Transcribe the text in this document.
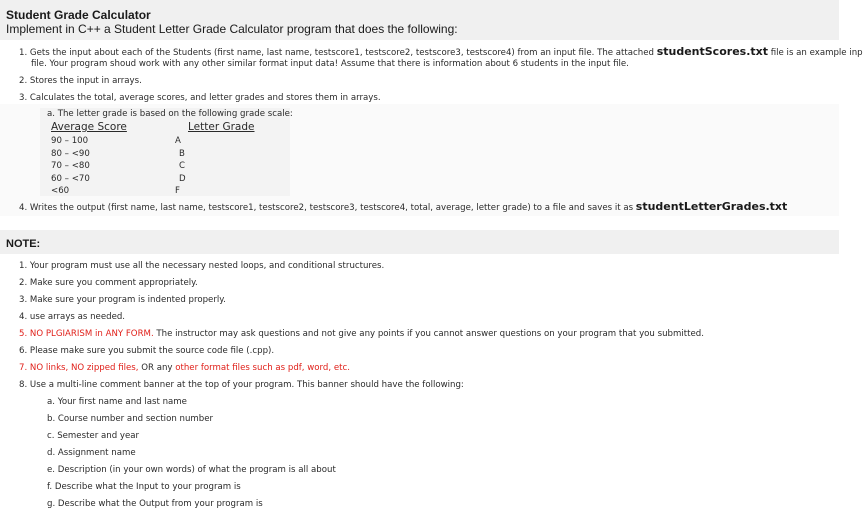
Student Grade Calculator
Implement in C++ a Student Letter Grade Calculator program that does the following:
1. Gets the input about each of the Students (first name, last name, testscore1, testscore2, testscore3, testscore4) from an input file. The attached studentScores.txt file is an example inp
file. Your program shoud work with any other similar format input data! Assume that there is information about 6 students in the input file.
2. Stores the input in arrays.
3. Calculates the total, average scores, and letter grades and stores them in arrays.
a. The letter grade is based on the following grade scale:
Average Score	Letter Grade
90 – 100	A
80 – <90	B
70 – <80	C
60 – <70	D
<60	F
4. Writes the output (first name, last name, testscore1, testscore2, testscore3, testscore4, total, average, letter grade) to a file and saves it as studentLetterGrades.txt
NOTE:
1. Your program must use all the necessary nested loops, and conditional structures.
2. Make sure you comment appropriately.
3. Make sure your program is indented properly.
4. use arrays as needed.
5. NO PLGIARISM in ANY FORM. The instructor may ask questions and not give any points if you cannot answer questions on your program that you submitted.
6. Please make sure you submit the source code file (.cpp).
7. NO links, NO zipped files, OR any other format files such as pdf, word, etc.
8. Use a multi-line comment banner at the top of your program. This banner should have the following:
a. Your first name and last name
b. Course number and section number
c. Semester and year
d. Assignment name
e. Description (in your own words) of what the program is all about
f. Describe what the Input to your program is
g. Describe what the Output from your program is
